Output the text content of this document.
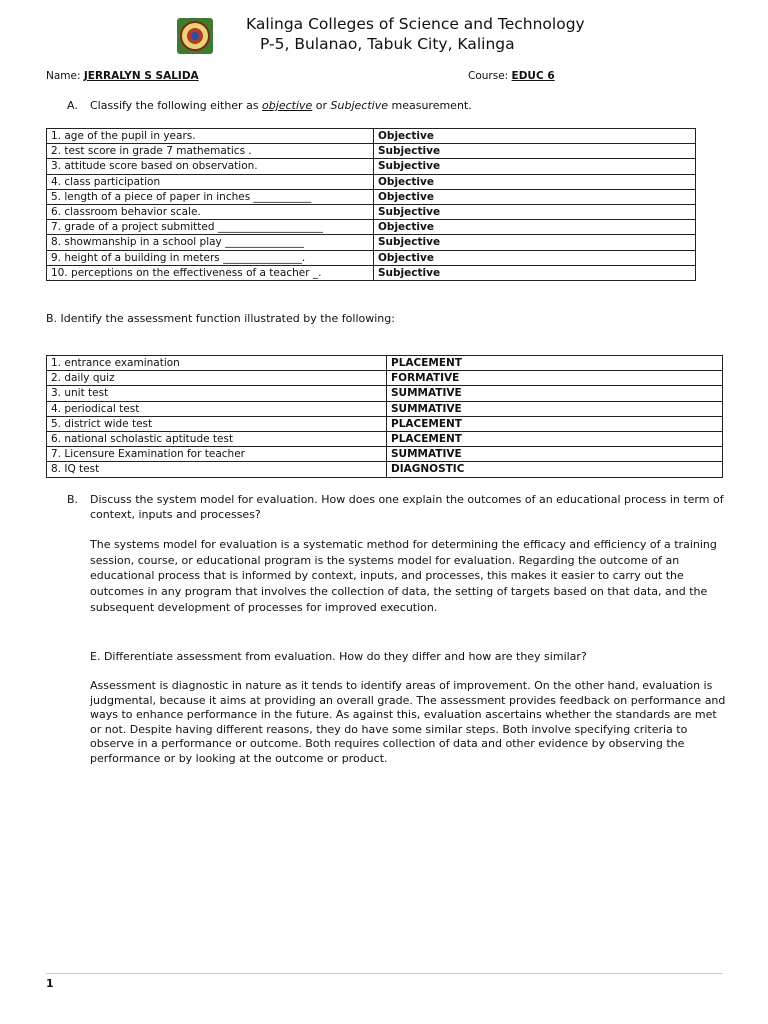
Kalinga Colleges of Science and Technology
P-5, Bulanao, Tabuk City, Kalinga
Name: JERRALYN S SALIDA	Course: EDUC 6
A. Classify the following either as objective or Subjective measurement.
1. age of the pupil in years.	Objective
2. test score in grade 7 mathematics .	Subjective
3. attitude score based on observation.	Subjective
4. class participation	Objective
5. length of a piece of paper in inches ___________	Objective
6. classroom behavior scale.	Subjective
7. grade of a project submitted ____________________	Objective
8. showmanship in a school play _______________	Subjective
9. height of a building in meters _______________.	Objective
10. perceptions on the effectiveness of a teacher _.	Subjective
B. Identify the assessment function illustrated by the following:
1. entrance examination	PLACEMENT
2. daily quiz	FORMATIVE
3. unit test	SUMMATIVE
4. periodical test	SUMMATIVE
5. district wide test	PLACEMENT
6. national scholastic aptitude test	PLACEMENT
7. Licensure Examination for teacher	SUMMATIVE
8. IQ test	DIAGNOSTIC
B. Discuss the system model for evaluation. How does one explain the outcomes of an educational process in term of context, inputs and processes?
The systems model for evaluation is a systematic method for determining the efficacy and efficiency of a training session, course, or educational program is the systems model for evaluation. Regarding the outcome of an educational process that is informed by context, inputs, and processes, this makes it easier to carry out the outcomes in any program that involves the collection of data, the setting of targets based on that data, and the subsequent development of processes for improved execution.
E. Differentiate assessment from evaluation. How do they differ and how are they similar?
Assessment is diagnostic in nature as it tends to identify areas of improvement. On the other hand, evaluation is judgmental, because it aims at providing an overall grade. The assessment provides feedback on performance and ways to enhance performance in the future. As against this, evaluation ascertains whether the standards are met or not. Despite having different reasons, they do have some similar steps. Both involve specifying criteria to observe in a performance or outcome. Both requires collection of data and other evidence by observing the performance or by looking at the outcome or product.
1
